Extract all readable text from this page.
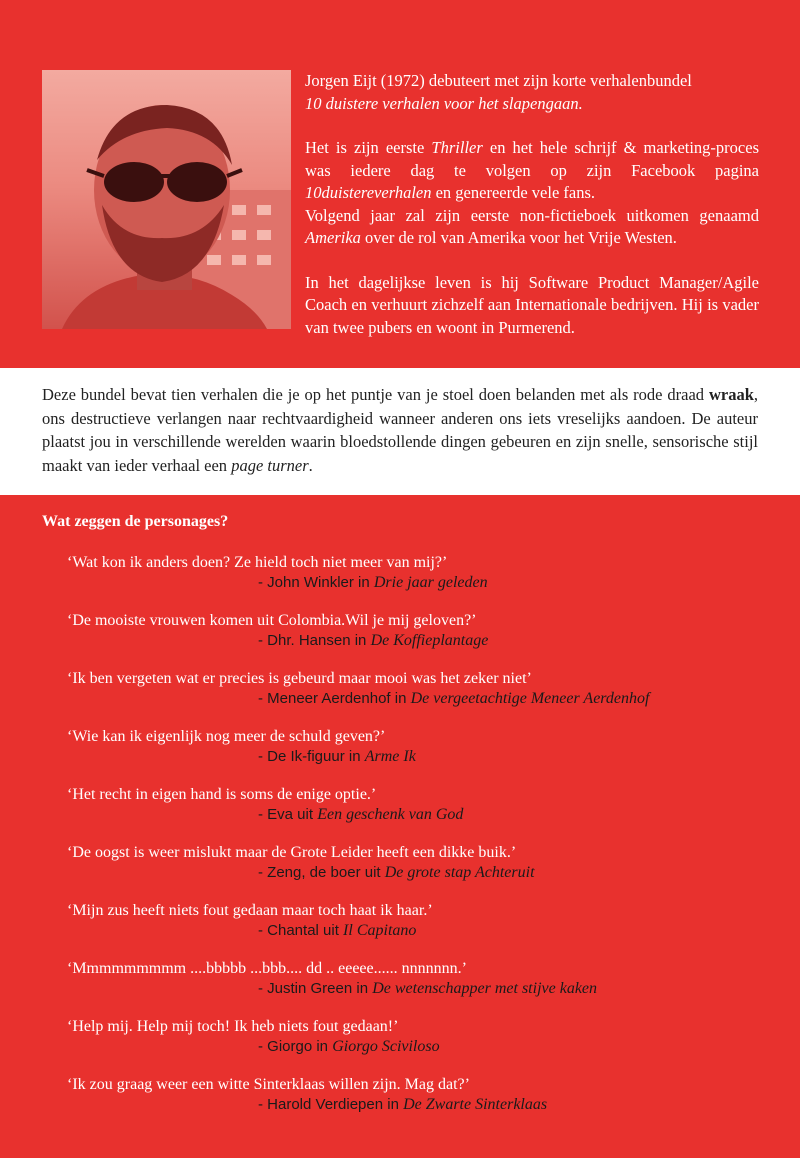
Jorgen Eijt (1972) debuteert met zijn korte verhalenbundel
10 duistere verhalen voor het slapengaan.

Het is zijn eerste Thriller en het hele schrijf & marketing-proces was iedere dag te volgen op zijn Facebook pagina 10duistereverhalen en genereerde vele fans.

Volgend jaar zal zijn eerste non-fictieboek uitkomen genaamd Amerika over de rol van Amerika voor het Vrije Westen.

In het dagelijkse leven is hij Software Product Manager/Agile Coach en verhuurt zichzelf aan Internationale bedrijven. Hij is vader van twee pubers en woont in Purmerend.

Deze bundel bevat tien verhalen die je op het puntje van je stoel doen belanden met als rode draad wraak, ons destructieve verlangen naar rechtvaardigheid wanneer anderen ons iets vreselijks aandoen. De auteur plaatst jou in verschillende werelden waarin bloedstollende dingen gebeuren en zijn snelle, sensorische stijl maakt van ieder verhaal een page turner.
Wat zeggen de personages?
‘Wat kon ik anders doen? Ze hield toch niet meer van mij?’
- John Winkler in Drie jaar geleden
‘De mooiste vrouwen komen uit Colombia.Wil je mij geloven?’
- Dhr. Hansen in De Koffieplantage
‘Ik ben vergeten wat er precies is gebeurd maar mooi was het zeker niet’
- Meneer Aerdenhof in De vergeetachtige Meneer Aerdenhof
‘Wie kan ik eigenlijk nog meer de schuld geven?’
- De Ik-figuur in Arme Ik
‘Het recht in eigen hand is soms de enige optie.’
- Eva uit Een geschenk van God
‘De oogst is weer mislukt maar de Grote Leider heeft een dikke buik.’
- Zeng, de boer uit De grote stap Achteruit
‘Mijn zus heeft niets fout gedaan maar toch haat ik haar.’
- Chantal uit Il Capitano
‘Mmmmmmmmm ....bbbbb ...bbb.... dd .. eeeee...... nnnnnnn.’
- Justin Green in De wetenschapper met stijve kaken
‘Help mij. Help mij toch! Ik heb niets fout gedaan!’
- Giorgo in Giorgo Sciviloso
‘Ik zou graag weer een witte Sinterklaas willen zijn. Mag dat?’
- Harold Verdiepen in De Zwarte Sinterklaas
